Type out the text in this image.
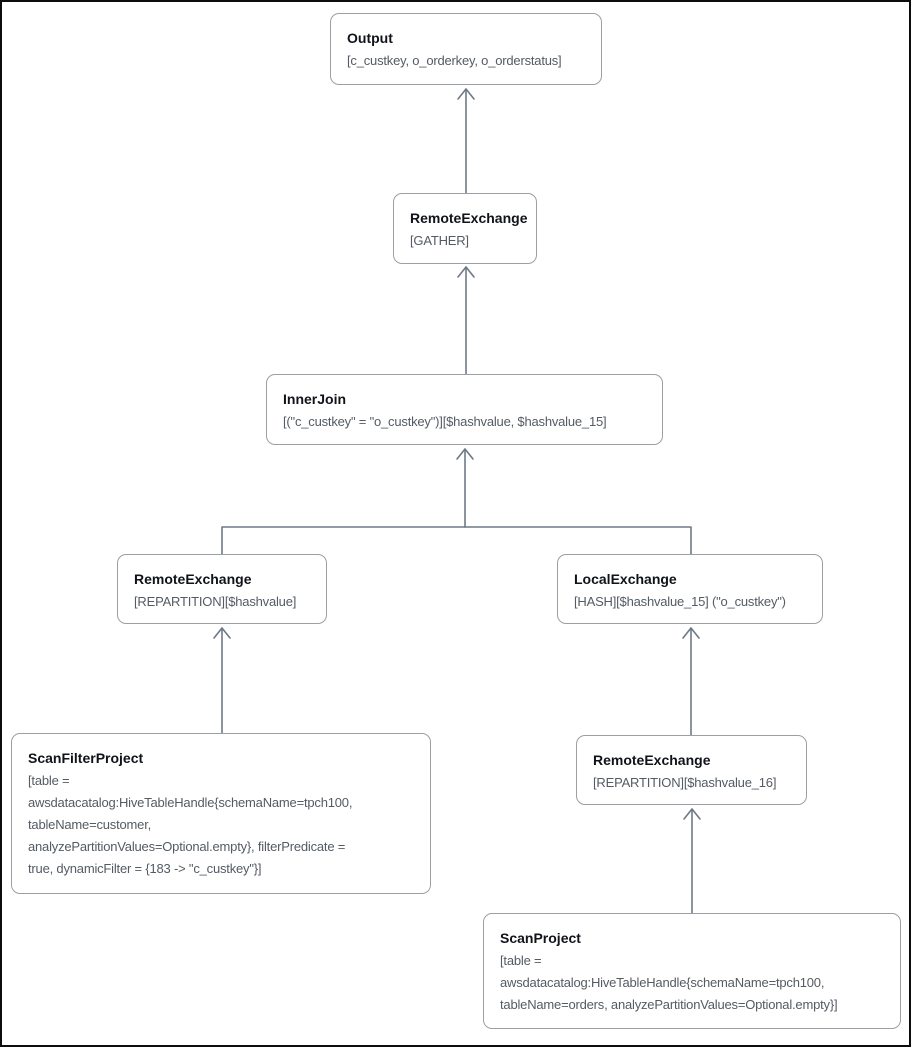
Output
[c_custkey, o_orderkey, o_orderstatus]
RemoteExchange
[GATHER]
InnerJoin
[("c_custkey" = "o_custkey")][$hashvalue, $hashvalue_15]
RemoteExchange
[REPARTITION][$hashvalue]
LocalExchange
[HASH][$hashvalue_15] ("o_custkey")
ScanFilterProject
[table =
awsdatacatalog:HiveTableHandle{schemaName=tpch100,
tableName=customer,
analyzePartitionValues=Optional.empty}, filterPredicate =
true, dynamicFilter = {183 -> "c_custkey"}]
RemoteExchange
[REPARTITION][$hashvalue_16]
ScanProject
[table =
awsdatacatalog:HiveTableHandle{schemaName=tpch100,
tableName=orders, analyzePartitionValues=Optional.empty}]
